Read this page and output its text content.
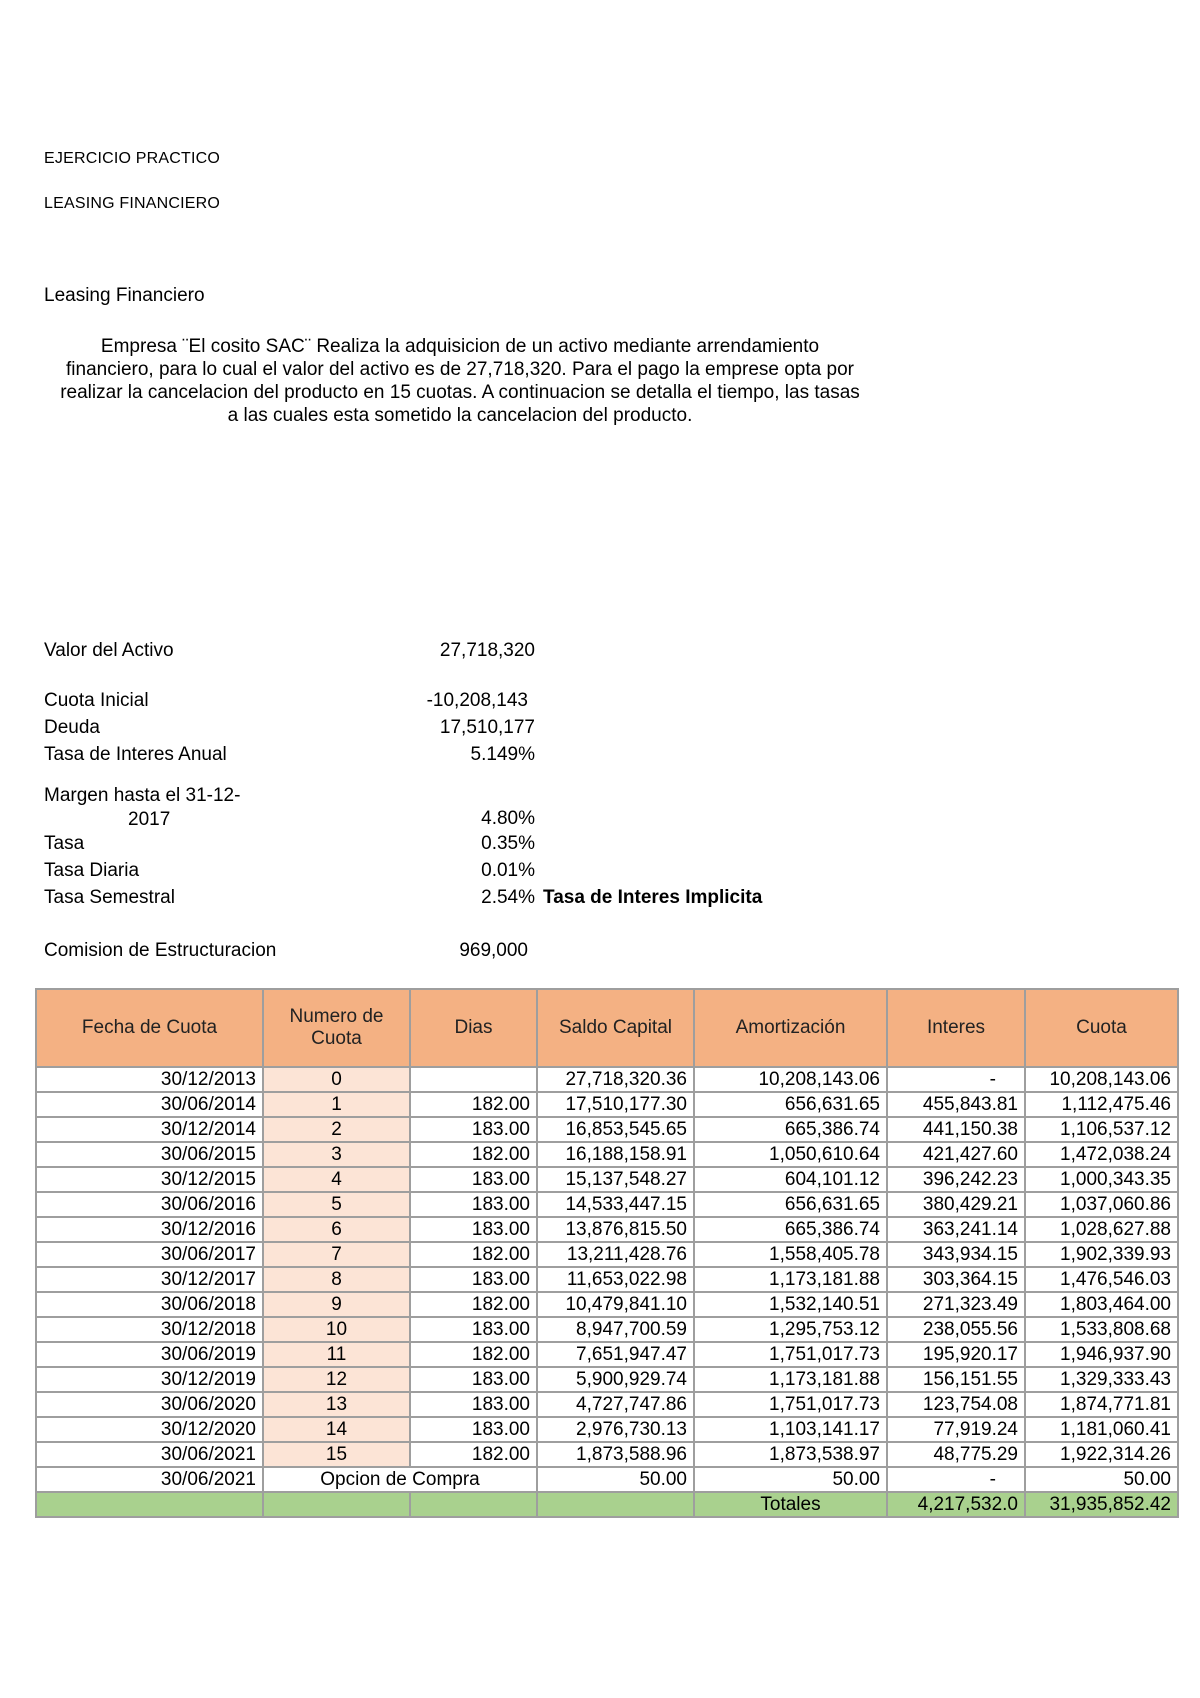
EJERCICIO PRACTICO
LEASING FINANCIERO
Leasing Financiero
Empresa ¨El cosito SAC¨ Realiza la adquisicion de un activo mediante arrendamiento financiero, para lo cual el valor del activo es de 27,718,320. Para el pago la emprese opta por realizar la cancelacion del producto en 15 cuotas. A continuacion se detalla el tiempo, las tasas a las cuales esta sometido la cancelacion del producto.
Valor del Activo	27,718,320
Cuota Inicial	-10,208,143
Deuda	17,510,177
Tasa de Interes Anual	5.149%
Margen hasta el 31-12-
2017	4.80%
Tasa	0.35%
Tasa Diaria	0.01%
Tasa Semestral	2.54% Tasa de Interes Implicita
Comision de Estructuracion	969,000
Fecha de Cuota	Numero de Cuota	Dias	Saldo Capital	Amortización	Interes	Cuota
30/12/2013	0		27,718,320.36	10,208,143.06	-	10,208,143.06
30/06/2014	1	182.00	17,510,177.30	656,631.65	455,843.81	1,112,475.46
30/12/2014	2	183.00	16,853,545.65	665,386.74	441,150.38	1,106,537.12
30/06/2015	3	182.00	16,188,158.91	1,050,610.64	421,427.60	1,472,038.24
30/12/2015	4	183.00	15,137,548.27	604,101.12	396,242.23	1,000,343.35
30/06/2016	5	183.00	14,533,447.15	656,631.65	380,429.21	1,037,060.86
30/12/2016	6	183.00	13,876,815.50	665,386.74	363,241.14	1,028,627.88
30/06/2017	7	182.00	13,211,428.76	1,558,405.78	343,934.15	1,902,339.93
30/12/2017	8	183.00	11,653,022.98	1,173,181.88	303,364.15	1,476,546.03
30/06/2018	9	182.00	10,479,841.10	1,532,140.51	271,323.49	1,803,464.00
30/12/2018	10	183.00	8,947,700.59	1,295,753.12	238,055.56	1,533,808.68
30/06/2019	11	182.00	7,651,947.47	1,751,017.73	195,920.17	1,946,937.90
30/12/2019	12	183.00	5,900,929.74	1,173,181.88	156,151.55	1,329,333.43
30/06/2020	13	183.00	4,727,747.86	1,751,017.73	123,754.08	1,874,771.81
30/12/2020	14	183.00	2,976,730.13	1,103,141.17	77,919.24	1,181,060.41
30/06/2021	15	182.00	1,873,588.96	1,873,538.97	48,775.29	1,922,314.26
30/06/2021	Opcion de Compra		50.00	50.00	-	50.00
				Totales	4,217,532.0	31,935,852.42
